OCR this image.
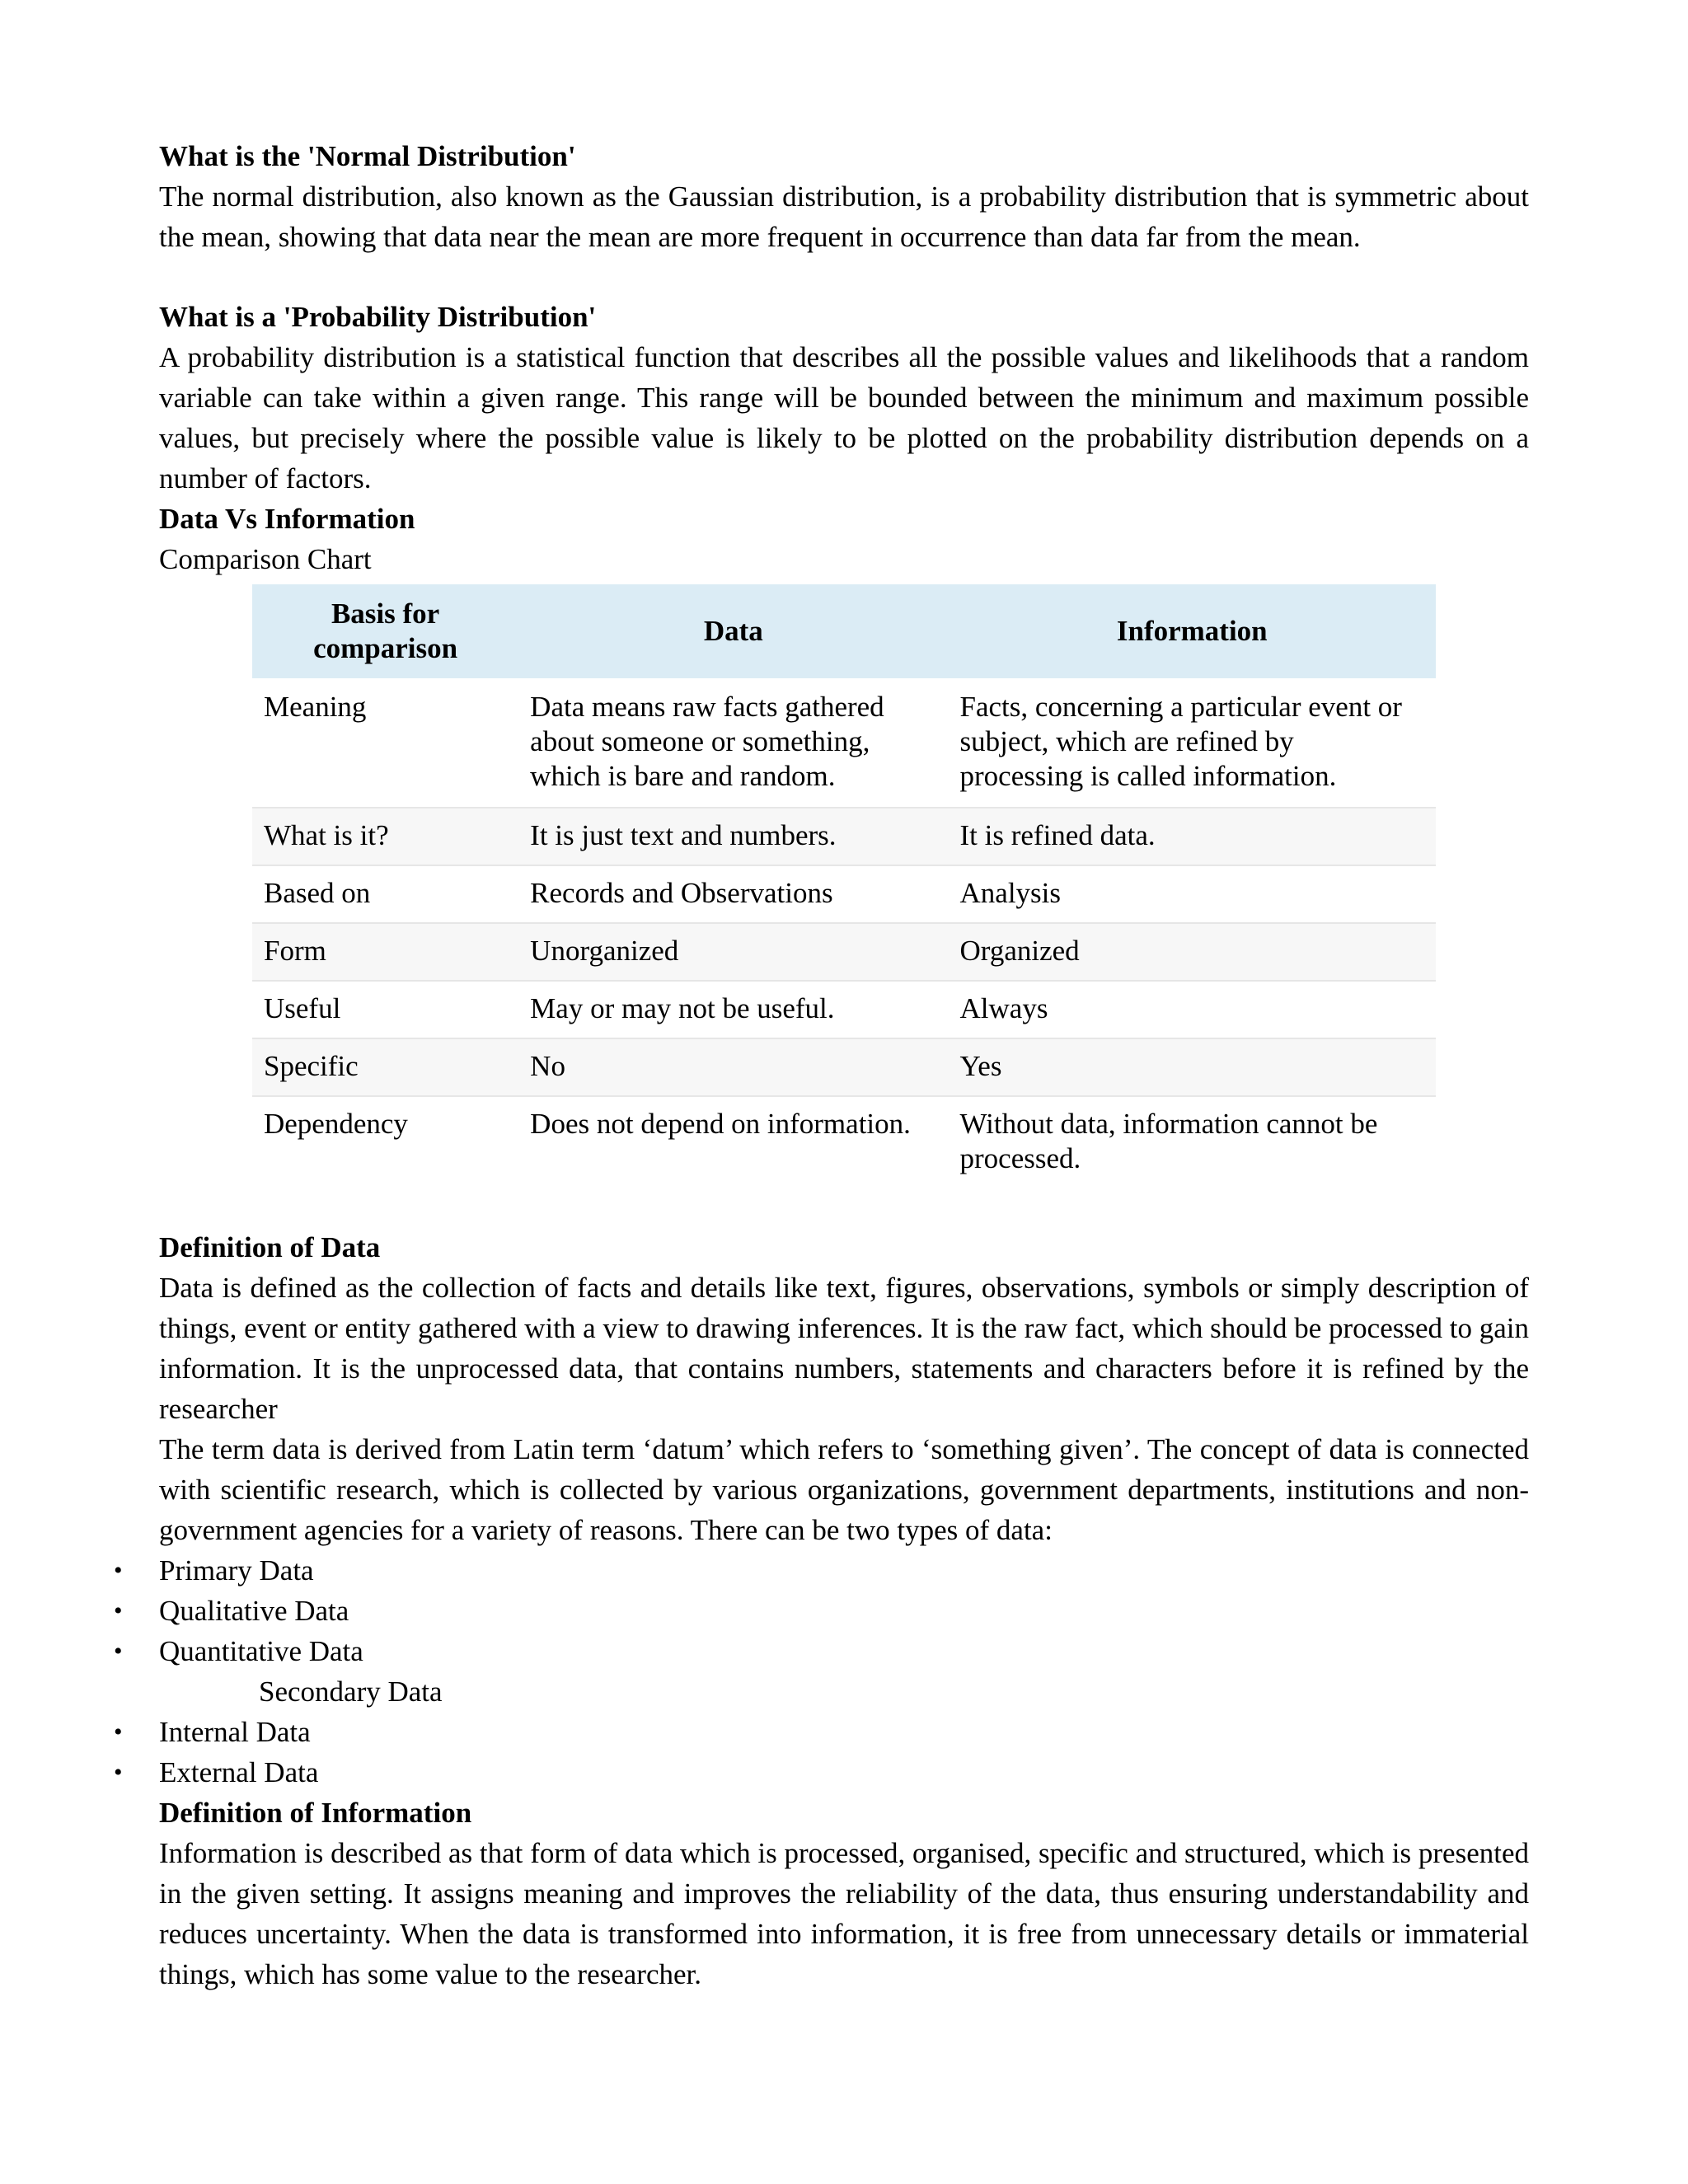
What is the 'Normal Distribution'

The normal distribution, also known as the Gaussian distribution, is a probability distribution that is symmetric about the mean, showing that data near the mean are more frequent in occurrence than data far from the mean.

What is a 'Probability Distribution'

A probability distribution is a statistical function that describes all the possible values and likelihoods that a random variable can take within a given range. This range will be bounded between the minimum and maximum possible values, but precisely where the possible value is likely to be plotted on the probability distribution depends on a number of factors.

Data Vs Information

Comparison Chart

Basis for comparison	Data	Information
Meaning	Data means raw facts gathered about someone or something, which is bare and random.	Facts, concerning a particular event or subject, which are refined by processing is called information.
What is it?	It is just text and numbers.	It is refined data.
Based on	Records and Observations	Analysis
Form	Unorganized	Organized
Useful	May or may not be useful.	Always
Specific	No	Yes
Dependency	Does not depend on information.	Without data, information cannot be processed.

Definition of Data

Data is defined as the collection of facts and details like text, figures, observations, symbols or simply description of things, event or entity gathered with a view to drawing inferences. It is the raw fact, which should be processed to gain information. It is the unprocessed data, that contains numbers, statements and characters before it is refined by the researcher

The term data is derived from Latin term ‘datum’ which refers to ‘something given’. The concept of data is connected with scientific research, which is collected by various organizations, government departments, institutions and non-government agencies for a variety of reasons. There can be two types of data:

• Primary Data
• Qualitative Data
• Quantitative Data

Secondary Data

• Internal Data
• External Data

Definition of Information

Information is described as that form of data which is processed, organised, specific and structured, which is presented in the given setting. It assigns meaning and improves the reliability of the data, thus ensuring understandability and reduces uncertainty. When the data is transformed into information, it is free from unnecessary details or immaterial things, which has some value to the researcher.
